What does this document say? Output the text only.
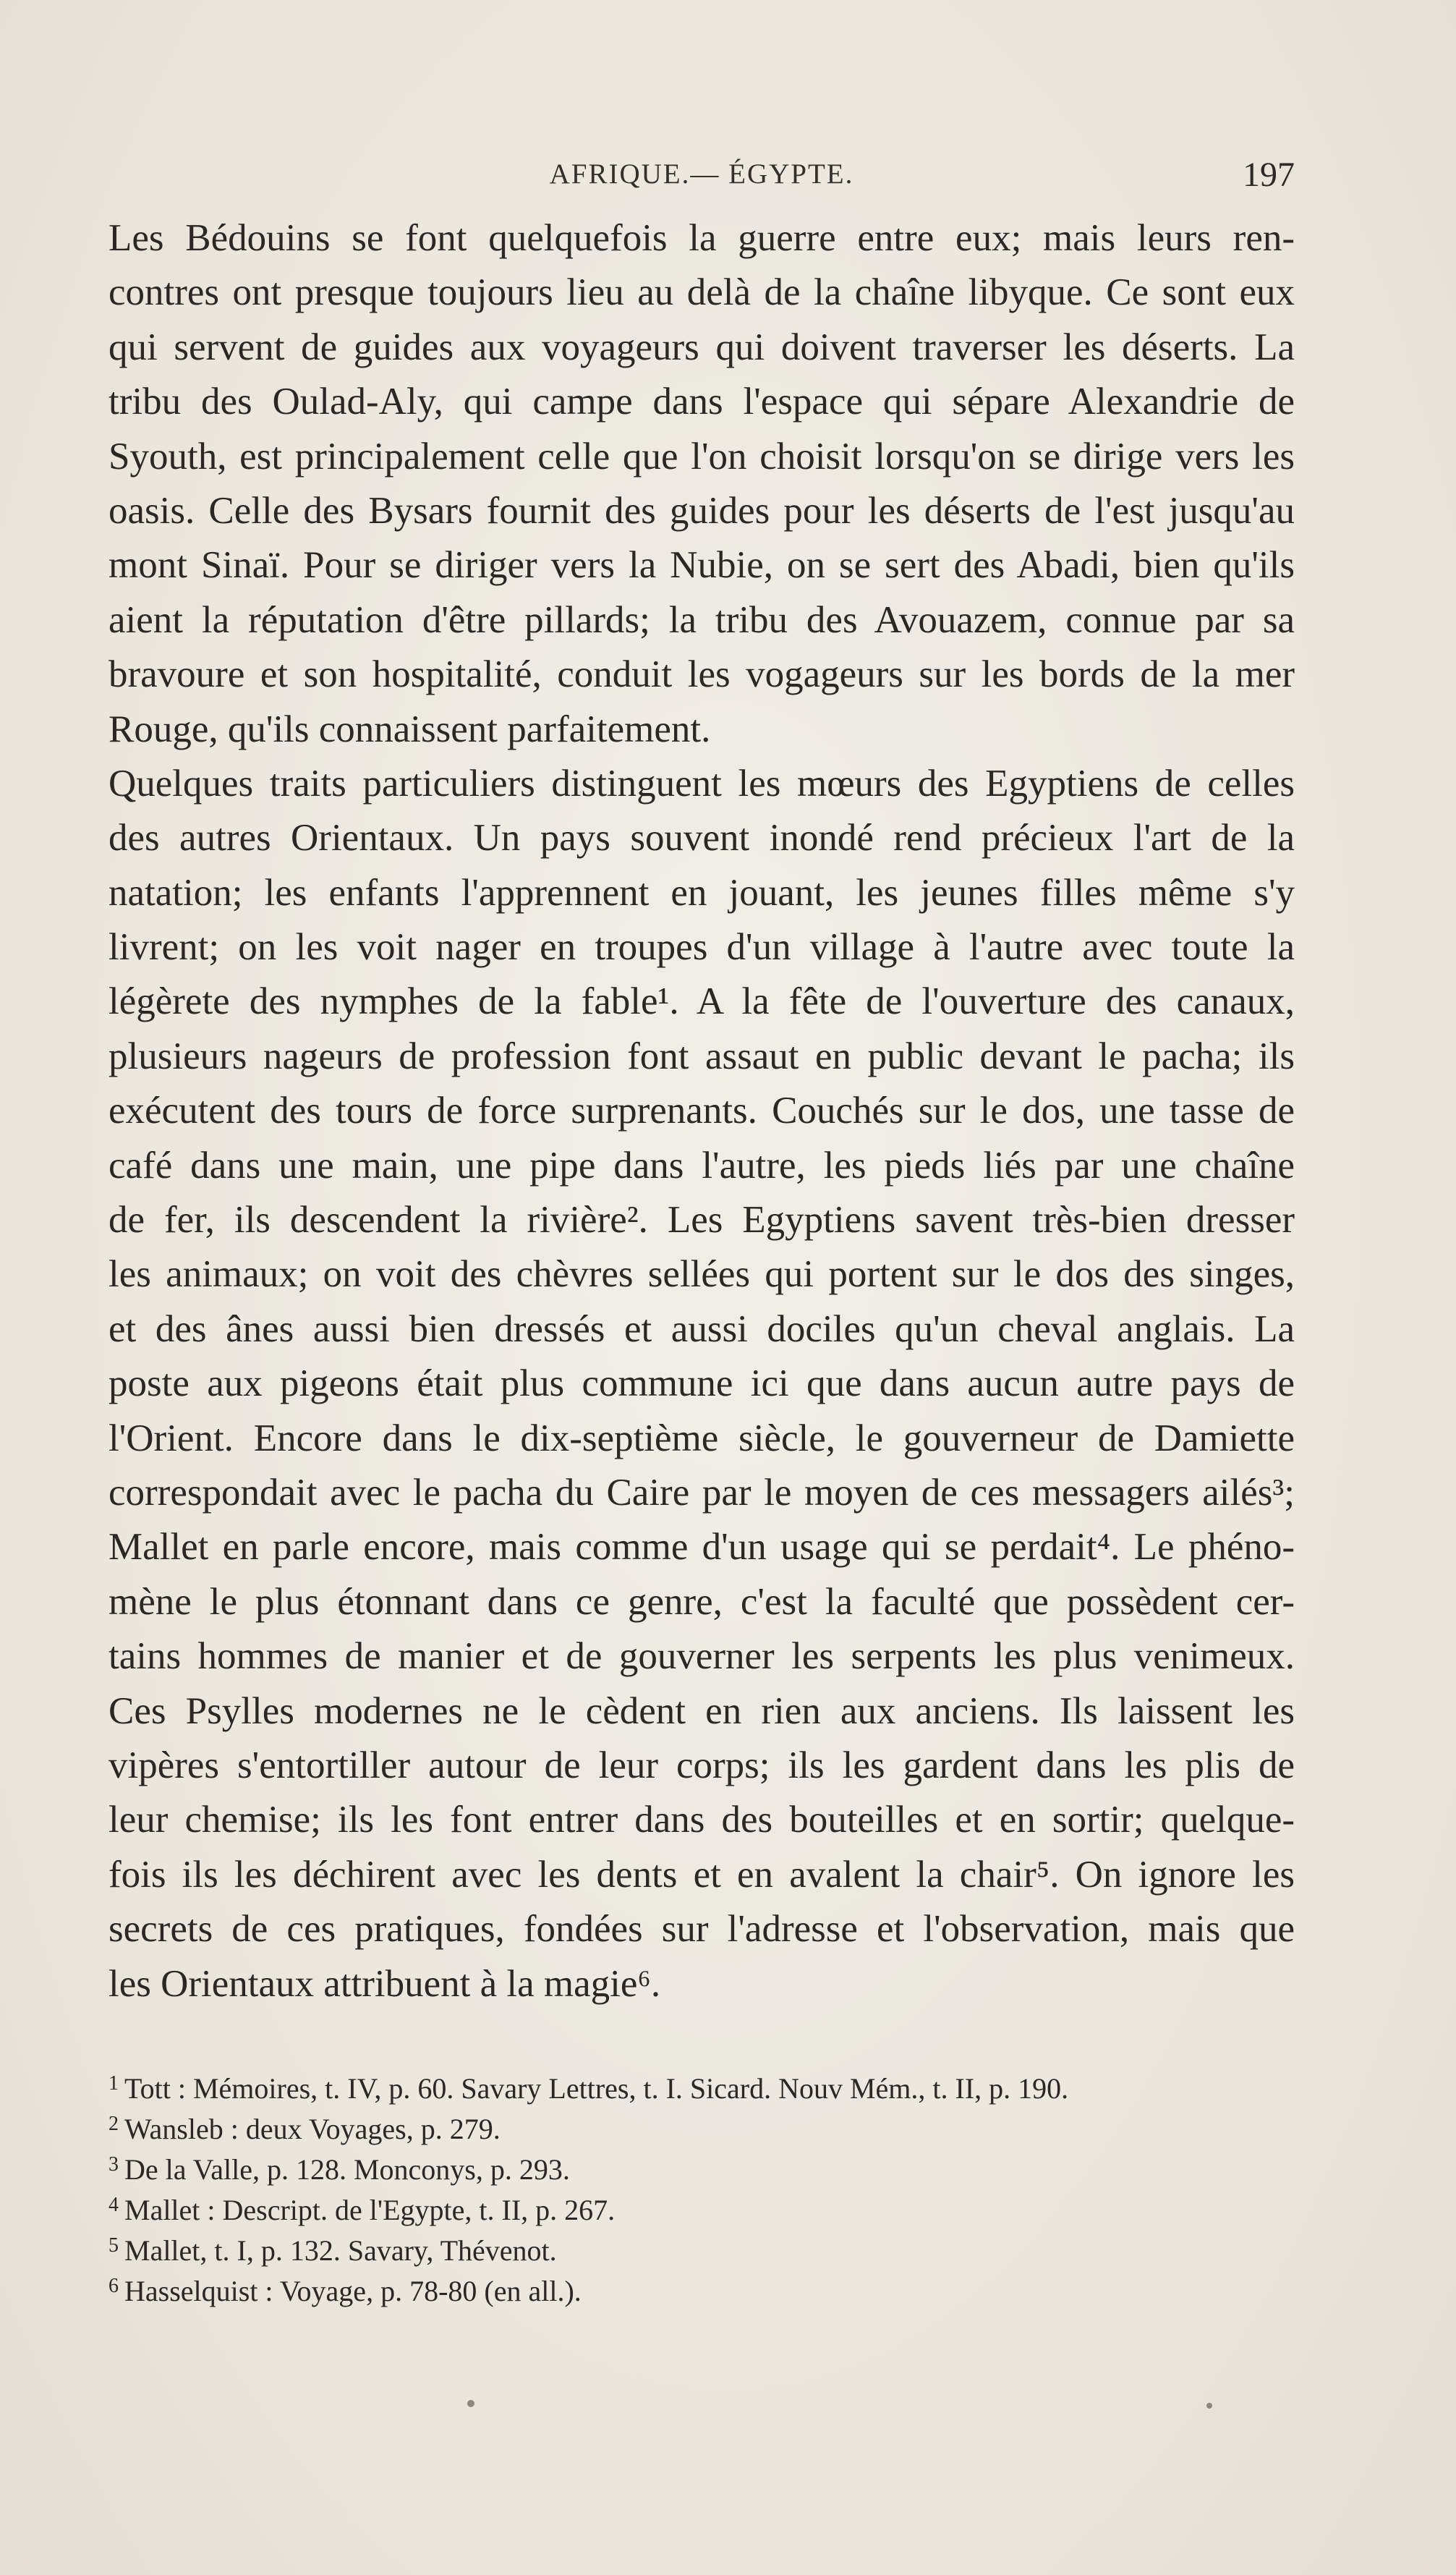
AFRIQUE.— ÉGYPTE.	197
Les Bédouins se font quelquefois la guerre entre eux; mais leurs ren-
contres ont presque toujours lieu au delà de la chaîne libyque. Ce sont eux
qui servent de guides aux voyageurs qui doivent traverser les déserts. La
tribu des Oulad-Aly, qui campe dans l'espace qui sépare Alexandrie de
Syouth, est principalement celle que l'on choisit lorsqu'on se dirige vers les
oasis. Celle des Bysars fournit des guides pour les déserts de l'est jusqu'au
mont Sinaï. Pour se diriger vers la Nubie, on se sert des Abadi, bien qu'ils
aient la réputation d'être pillards; la tribu des Avouazem, connue par sa
bravoure et son hospitalité, conduit les vogageurs sur les bords de la mer
Rouge, qu'ils connaissent parfaitement.
Quelques traits particuliers distinguent les mœurs des Egyptiens de celles
des autres Orientaux. Un pays souvent inondé rend précieux l'art de la
natation; les enfants l'apprennent en jouant, les jeunes filles même s'y
livrent; on les voit nager en troupes d'un village à l'autre avec toute la
légèrete des nymphes de la fable¹. A la fête de l'ouverture des canaux,
plusieurs nageurs de profession font assaut en public devant le pacha; ils
exécutent des tours de force surprenants. Couchés sur le dos, une tasse de
café dans une main, une pipe dans l'autre, les pieds liés par une chaîne
de fer, ils descendent la rivière². Les Egyptiens savent très-bien dresser
les animaux; on voit des chèvres sellées qui portent sur le dos des singes,
et des ânes aussi bien dressés et aussi dociles qu'un cheval anglais. La
poste aux pigeons était plus commune ici que dans aucun autre pays de
l'Orient. Encore dans le dix-septième siècle, le gouverneur de Damiette
correspondait avec le pacha du Caire par le moyen de ces messagers ailés³;
Mallet en parle encore, mais comme d'un usage qui se perdait⁴. Le phéno-
mène le plus étonnant dans ce genre, c'est la faculté que possèdent cer-
tains hommes de manier et de gouverner les serpents les plus venimeux.
Ces Psylles modernes ne le cèdent en rien aux anciens. Ils laissent les
vipères s'entortiller autour de leur corps; ils les gardent dans les plis de
leur chemise; ils les font entrer dans des bouteilles et en sortir; quelque-
fois ils les déchirent avec les dents et en avalent la chair⁵. On ignore les
secrets de ces pratiques, fondées sur l'adresse et l'observation, mais que
les Orientaux attribuent à la magie⁶.
$^1$ Tott : Mémoires, t. IV, p. 60. Savary Lettres, t. I. Sicard. Nouv Mém., t. II, p. 190.
$^2$ Wansleb : deux Voyages, p. 279.
$^3$ De la Valle, p. 128. Monconys, p. 293.
$^4$ Mallet : Descript. de l'Egypte, t. II, p. 267.
$^5$ Mallet, t. I, p. 132. Savary, Thévenot.
$^6$ Hasselquist : Voyage, p. 78-80 (en all.).
